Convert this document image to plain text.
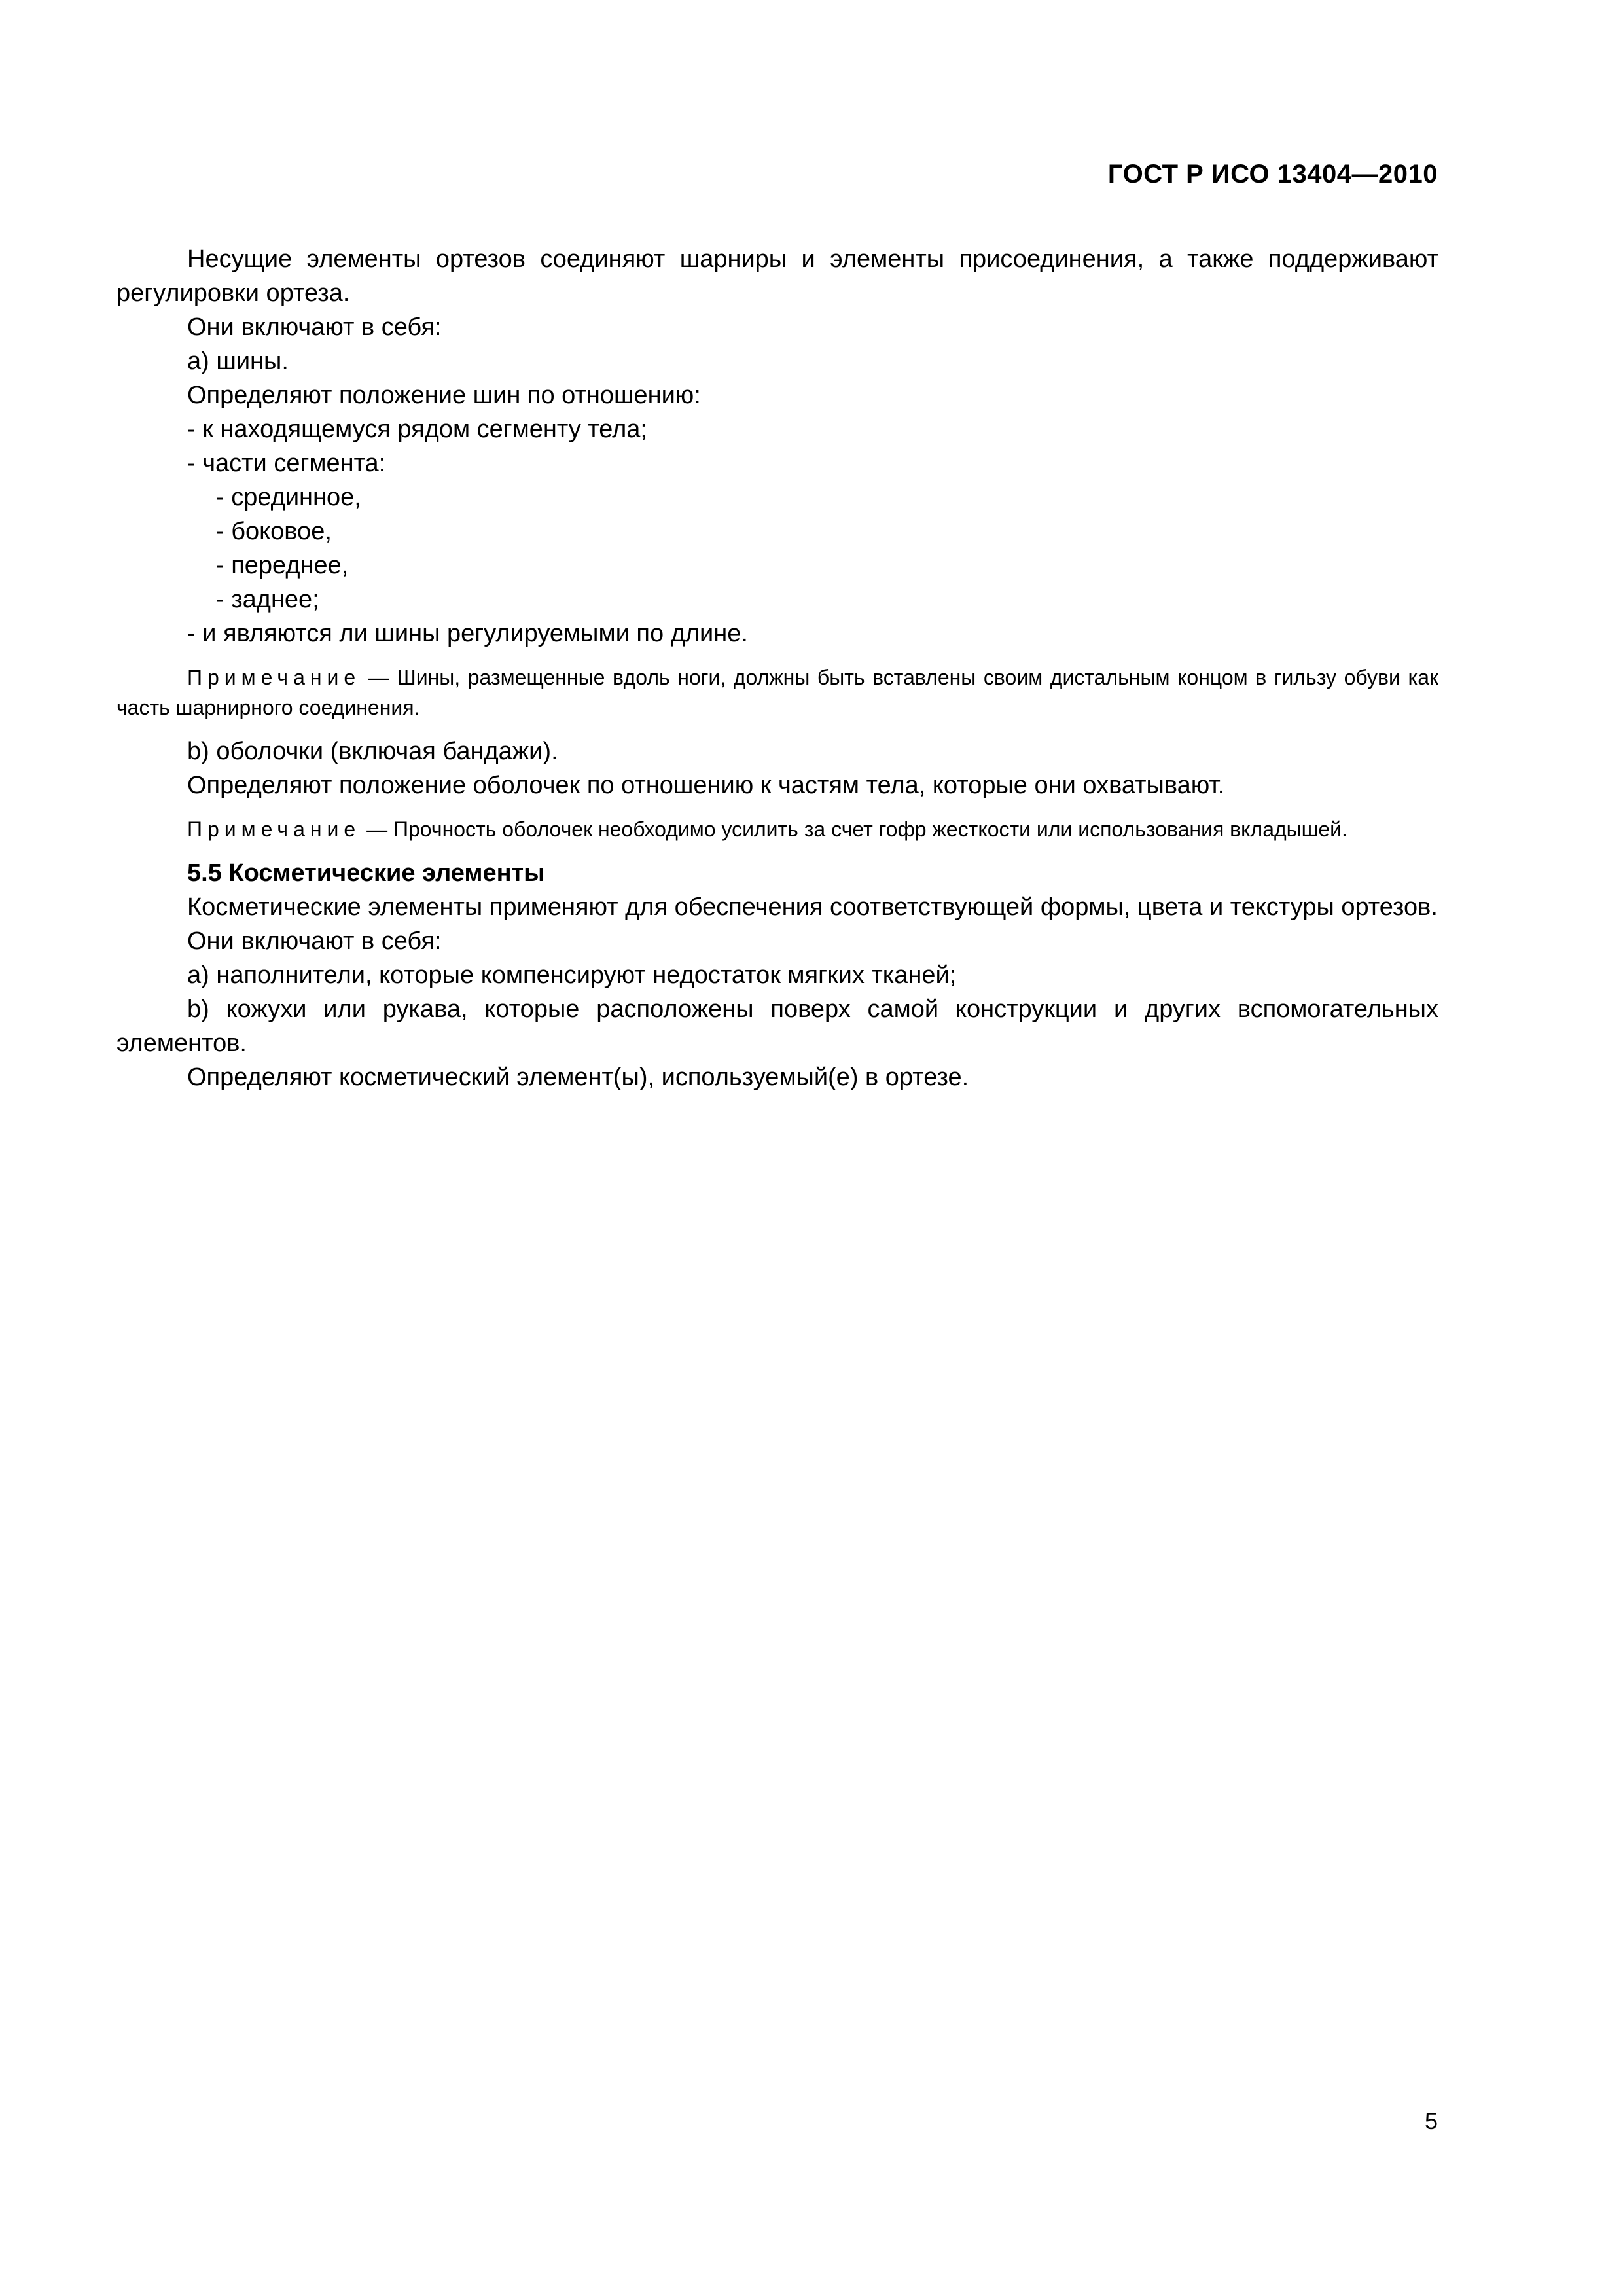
ГОСТ Р ИСО 13404—2010

Несущие элементы ортезов соединяют шарниры и элементы присоединения, а также поддерживают регулировки ортеза.

Они включают в себя:

а) шины.

Определяют положение шин по отношению:

- к находящемуся рядом сегменту тела;

- части сегмента:

- срединное,

- боковое,

- переднее,

- заднее;

- и являются ли шины регулируемыми по длине.

Примечание — Шины, размещенные вдоль ноги, должны быть вставлены своим дистальным концом в гильзу обуви как часть шарнирного соединения.

b) оболочки (включая бандажи).

Определяют положение оболочек по отношению к частям тела, которые они охватывают.

Примечание — Прочность оболочек необходимо усилить за счет гофр жесткости или использования вкладышей.

5.5 Косметические элементы

Косметические элементы применяют для обеспечения соответствующей формы, цвета и текстуры ортезов.

Они включают в себя:

а) наполнители, которые компенсируют недостаток мягких тканей;

b) кожухи или рукава, которые расположены поверх самой конструкции и других вспомогательных элементов.

Определяют косметический элемент(ы), используемый(е) в ортезе.

5
